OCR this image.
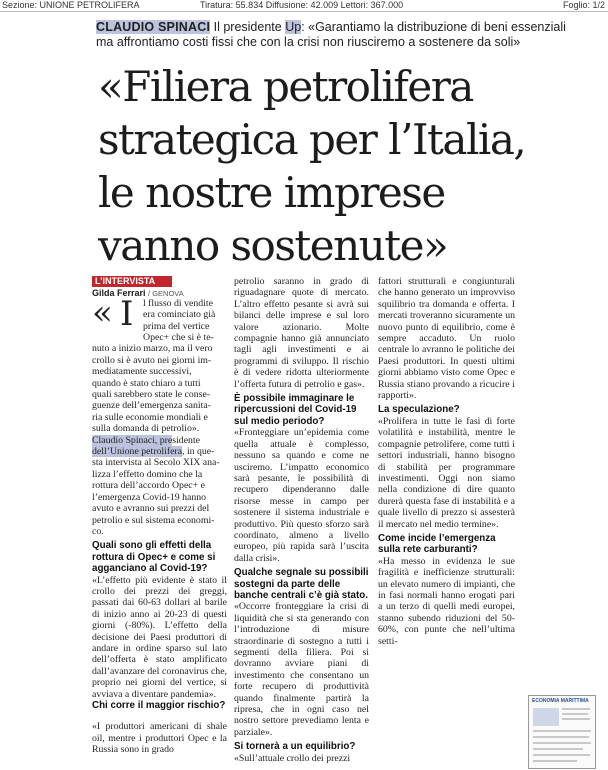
Sezione: UNIONE PETROLIFERA	Tiratura: 55.834 Diffusione: 42.009 Lettori: 367.000	Foglio: 1/2
CLAUDIO SPINACI Il presidente Up: «Garantiamo la distribuzione di beni essenziali
ma affrontiamo costi fissi che con la crisi non riusciremo a sostenere da soli»
«Filiera petrolifera
strategica per l’Italia,
le nostre imprese
vanno sostenute»
L’INTERVISTA
Gilda Ferrari / GENOVA
« I l flusso di vendite
era cominciato già
prima del vertice
Opec+ che si è te-
nuto a inizio marzo, ma il vero
crollo si è avuto nei giorni im-
mediatamente successivi,
quando è stato chiaro a tutti
quali sarebbero state le conse-
guenze dell’emergenza sanita-
ria sulle economie mondiali e
sulla domanda di petrolio».
Claudio Spinaci, presidente
dell’Unione petrolifera, in que-
sta intervista al Secolo XIX ana-
lizza l’effetto domino che la
rottura dell’accordo Opec+ e
l’emergenza Covid-19 hanno
avuto e avranno sui prezzi del
petrolio e sul sistema economi-
co.

Quali sono gli effetti della rottura di Opec+ e come si agganciano al Covid-19?

«L’effetto più evidente è stato il crollo dei prezzi dei greggi, passati dai 60-63 dollari al barile di inizio anno ai 20-23 di questi giorni (-80%). L’effetto della decisione dei Paesi produttori di andare in ordine sparso sul lato dell’offerta è stato amplificato dall’avanzare del coronavirus che, proprio nei giorni del vertice, si avviava a diventare pandemia».

Chi corre il maggior rischio?

«I produttori americani di shale oil, mentre i produttori Opec e la Russia sono in grado

petrolio saranno in grado di riguadagnare quote di mercato. L’altro effetto pesante si avrà sui bilanci delle imprese e sul loro valore azionario. Molte compagnie hanno già annunciato tagli agli investimenti e ai programmi di sviluppo. Il rischio è di vedere ridotta ulteriormente l’offerta futura di petrolio e gas».

È possibile immaginare le ripercussioni del Covid-19 sul medio periodo?

«Fronteggiare un’epidemia come quella attuale è complesso, nessuno sa quando e come ne usciremo. L’impatto economico sarà pesante, le possibilità di recupero dipenderanno dalle risorse messe in campo per sostenere il sistema industriale e produttivo. Più questo sforzo sarà coordinato, almeno a livello europeo, più rapida sarà l’uscita dalla crisi».

Qualche segnale su possibili sostegni da parte delle banche centrali c’è già stato.

«Occorre fronteggiare la crisi di liquidità che si sta generando con l’introduzione di misure straordinarie di sostegno a tutti i segmenti della filiera. Poi si dovranno avviare piani di investimento che consentano un forte recupero di produttività quando finalmente partirà la ripresa, che in ogni caso nel nostro settore prevediamo lenta e parziale».

Si tornerà a un equilibrio?

«Sull’attuale crollo dei prezzi

fattori strutturali e congiunturali che hanno generato un improvviso squilibrio tra domanda e offerta. I mercati troveranno sicuramente un nuovo punto di equilibrio, come è sempre accaduto. Un ruolo centrale lo avranno le politiche dei Paesi produttori. In questi ultimi giorni abbiamo visto come Opec e Russia stiano provando a ricucire i rapporti».

La speculazione?

«Prolifera in tutte le fasi di forte volatilità e instabilità, mentre le compagnie petrolifere, come tutti i settori industriali, hanno bisogno di stabilità per programmare investimenti. Oggi non siamo nella condizione di dire quanto durerà questa fase di instabilità e a quale livello di prezzo si assesterà il mercato nel medio termine».

Come incide l’emergenza sulla rete carburanti?

«Ha messo in evidenza le sue fragilità e inefficienze strutturali: un elevato numero di impianti, che in fasi normali hanno erogati pari a un terzo di quelli medi europei, stanno subendo riduzioni del 50-60%, con punte che nell’ultima setti-

ECONOMIA MARITTIMA
